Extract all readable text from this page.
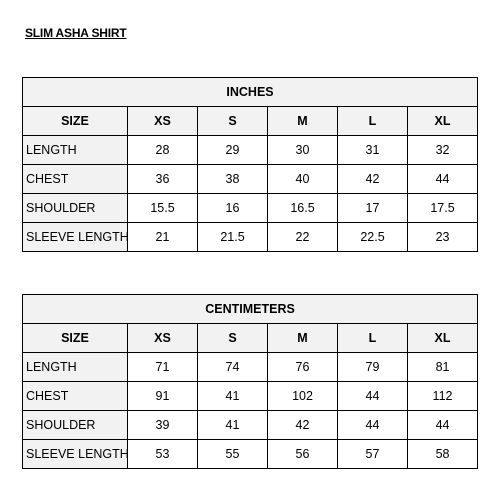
SLIM ASHA SHIRT
INCHES					
SIZE	XS	S	M	L	XL
LENGTH	28	29	30	31	32
CHEST	36	38	40	42	44
SHOULDER	15.5	16	16.5	17	17.5
SLEEVE LENGTH	21	21.5	22	22.5	23
CENTIMETERS					
SIZE	XS	S	M	L	XL
LENGTH	71	74	76	79	81
CHEST	91	41	102	44	112
SHOULDER	39	41	42	44	44
SLEEVE LENGTH	53	55	56	57	58
